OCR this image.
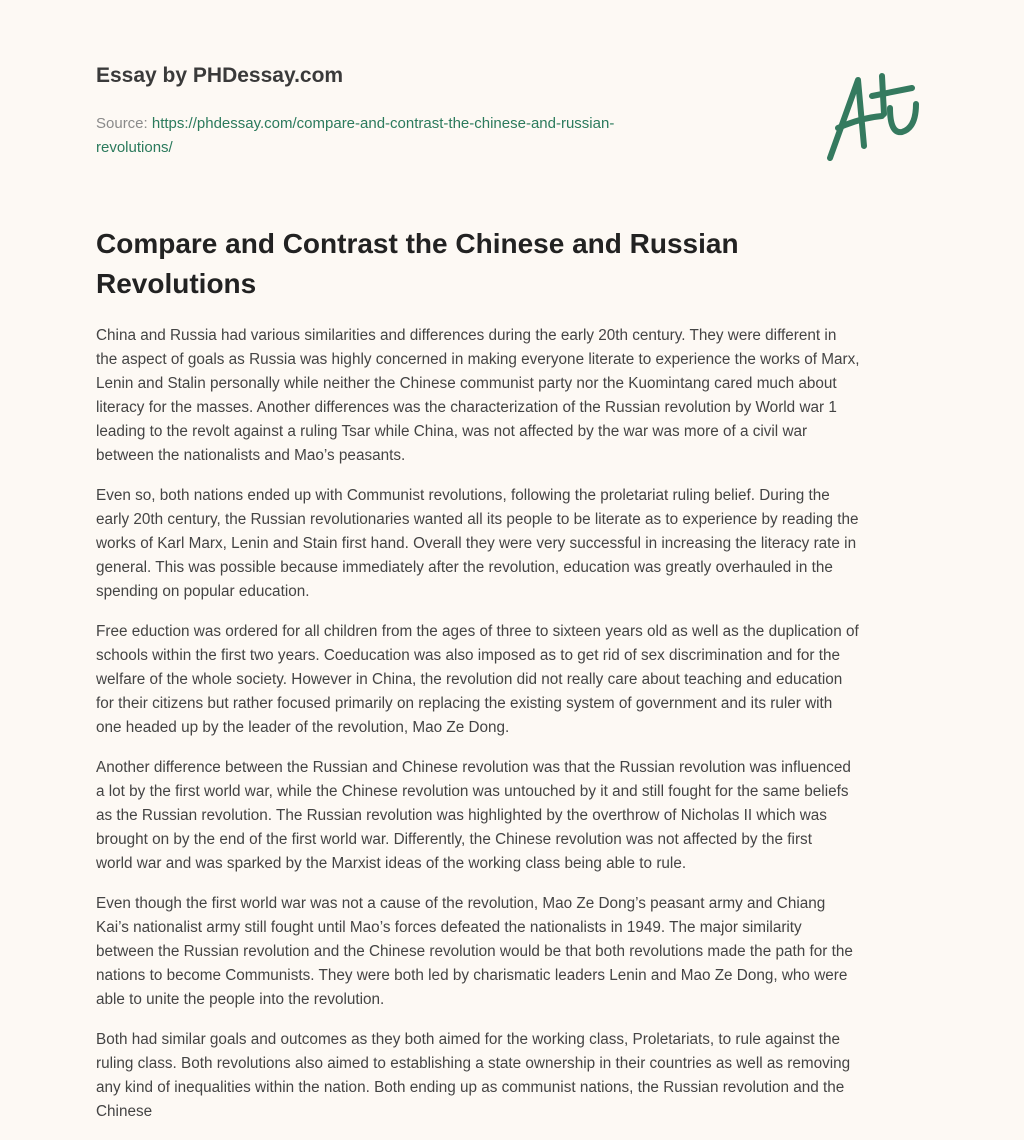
Essay by PHDessay.com
Source: https://phdessay.com/compare-and-contrast-the-chinese-and-russian-
revolutions/
Compare and Contrast the Chinese and Russian Revolutions

China and Russia had various similarities and differences during the early 20th century. They were different in
the aspect of goals as Russia was highly concerned in making everyone literate to experience the works of Marx,
Lenin and Stalin personally while neither the Chinese communist party nor the Kuomintang cared much about
literacy for the masses. Another differences was the characterization of the Russian revolution by World war 1
leading to the revolt against a ruling Tsar while China, was not affected by the war was more of a civil war
between the nationalists and Mao’s peasants.

Even so, both nations ended up with Communist revolutions, following the proletariat ruling belief. During the
early 20th century, the Russian revolutionaries wanted all its people to be literate as to experience by reading the
works of Karl Marx, Lenin and Stain first hand. Overall they were very successful in increasing the literacy rate in
general. This was possible because immediately after the revolution, education was greatly overhauled in the
spending on popular education.

Free eduction was ordered for all children from the ages of three to sixteen years old as well as the duplication of
schools within the first two years. Coeducation was also imposed as to get rid of sex discrimination and for the
welfare of the whole society. However in China, the revolution did not really care about teaching and education
for their citizens but rather focused primarily on replacing the existing system of government and its ruler with
one headed up by the leader of the revolution, Mao Ze Dong.

Another difference between the Russian and Chinese revolution was that the Russian revolution was influenced
a lot by the first world war, while the Chinese revolution was untouched by it and still fought for the same beliefs
as the Russian revolution. The Russian revolution was highlighted by the overthrow of Nicholas II which was
brought on by the end of the first world war. Differently, the Chinese revolution was not affected by the first
world war and was sparked by the Marxist ideas of the working class being able to rule.

Even though the first world war was not a cause of the revolution, Mao Ze Dong’s peasant army and Chiang
Kai’s nationalist army still fought until Mao’s forces defeated the nationalists in 1949. The major similarity
between the Russian revolution and the Chinese revolution would be that both revolutions made the path for the
nations to become Communists. They were both led by charismatic leaders Lenin and Mao Ze Dong, who were
able to unite the people into the revolution.

Both had similar goals and outcomes as they both aimed for the working class, Proletariats, to rule against the
ruling class. Both revolutions also aimed to establishing a state ownership in their countries as well as removing
any kind of inequalities within the nation. Both ending up as communist nations, the Russian revolution and the
Chinese
